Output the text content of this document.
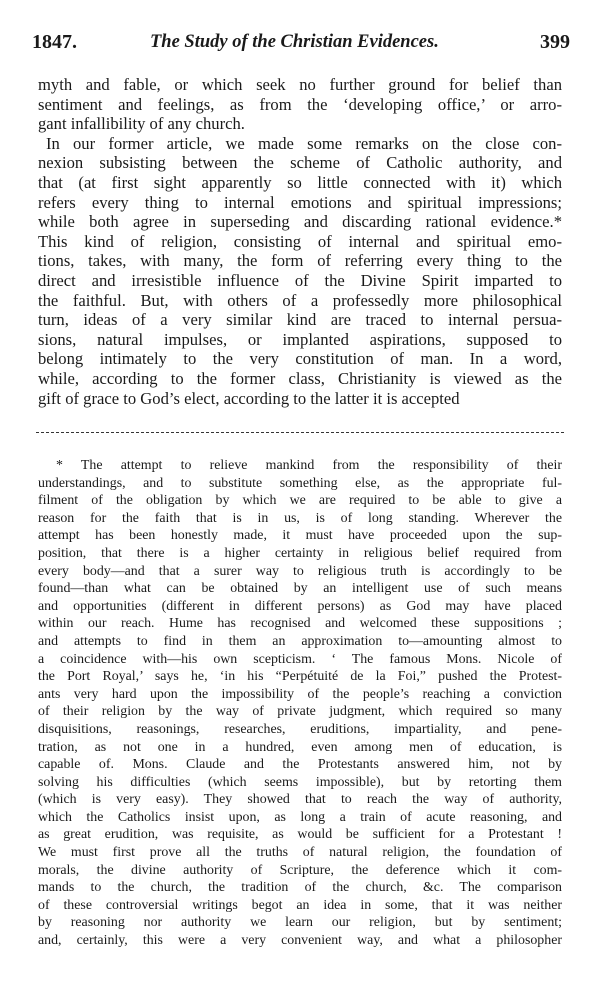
1847.	The Study of the Christian Evidences.	399
myth and fable, or which seek no further ground for belief than
sentiment and feelings, as from the ‘developing office,’ or arro-
gant infallibility of any church.
In our former article, we made some remarks on the close con-
nexion subsisting between the scheme of Catholic authority, and
that (at first sight apparently so little connected with it) which
refers every thing to internal emotions and spiritual impressions;
while both agree in superseding and discarding rational evidence.*
This kind of religion, consisting of internal and spiritual emo-
tions, takes, with many, the form of referring every thing to the
direct and irresistible influence of the Divine Spirit imparted to
the faithful. But, with others of a professedly more philosophical
turn, ideas of a very similar kind are traced to internal persua-
sions, natural impulses, or implanted aspirations, supposed to
belong intimately to the very constitution of man. In a word,
while, according to the former class, Christianity is viewed as the
gift of grace to God’s elect, according to the latter it is accepted
* The attempt to relieve mankind from the responsibility of their
understandings, and to substitute something else, as the appropriate ful-
filment of the obligation by which we are required to be able to give a
reason for the faith that is in us, is of long standing. Wherever the
attempt has been honestly made, it must have proceeded upon the sup-
position, that there is a higher certainty in religious belief required from
every body—and that a surer way to religious truth is accordingly to be
found—than what can be obtained by an intelligent use of such means
and opportunities (different in different persons) as God may have placed
within our reach. Hume has recognised and welcomed these suppositions ;
and attempts to find in them an approximation to—amounting almost to
a coincidence with—his own scepticism. ‘ The famous Mons. Nicole of
the Port Royal,’ says he, ‘in his “Perpétuité de la Foi,” pushed the Protest-
ants very hard upon the impossibility of the people’s reaching a conviction
of their religion by the way of private judgment, which required so many
disquisitions, reasonings, researches, eruditions, impartiality, and pene-
tration, as not one in a hundred, even among men of education, is
capable of. Mons. Claude and the Protestants answered him, not by
solving his difficulties (which seems impossible), but by retorting them
(which is very easy). They showed that to reach the way of authority,
which the Catholics insist upon, as long a train of acute reasoning, and
as great erudition, was requisite, as would be sufficient for a Protestant !
We must first prove all the truths of natural religion, the foundation of
morals, the divine authority of Scripture, the deference which it com-
mands to the church, the tradition of the church, &c. The comparison
of these controversial writings begot an idea in some, that it was neither
by reasoning nor authority we learn our religion, but by sentiment;
and, certainly, this were a very convenient way, and what a philosopher
